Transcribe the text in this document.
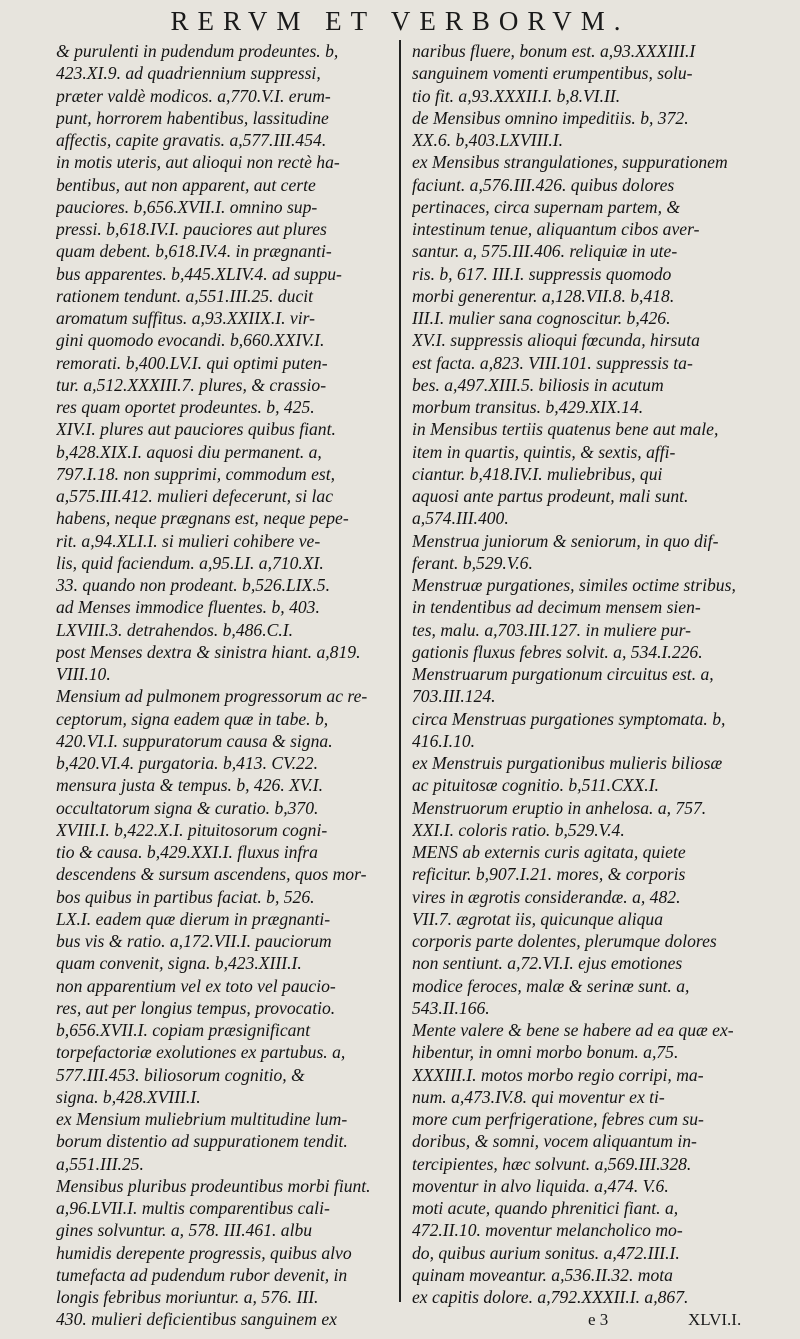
RERVM ET VERBORVM.
& purulenti in pudendum prodeuntes. b,
423.XI.9. ad quadriennium suppressi,
præter valdè modicos. a,770.V.I. erum-
punt, horrorem habentibus, lassitudine
affectis, capite gravatis. a,577.III.454.
in motis uteris, aut alioqui non rectè ha-
bentibus, aut non apparent, aut certe
pauciores. b,656.XVII.I. omnino sup-
pressi. b,618.IV.I. pauciores aut plures
quam debent. b,618.IV.4. in prægnanti-
bus apparentes. b,445.XLIV.4. ad suppu-
rationem tendunt. a,551.III.25. ducit
aromatum suffitus. a,93.XXIIX.I. vir-
gini quomodo evocandi. b,660.XXIV.I.
remorati. b,400.LV.I. qui optimi puten-
tur. a,512.XXXIII.7. plures, & crassio-
res quam oportet prodeuntes. b, 425.
XIV.I. plures aut pauciores quibus fiant.
b,428.XIX.I. aquosi diu permanent. a,
797.I.18. non supprimi, commodum est,
a,575.III.412. mulieri defecerunt, si lac
habens, neque prægnans est, neque pepe-
rit. a,94.XLI.I. si mulieri cohibere ve-
lis, quid faciendum. a,95.LI. a,710.XI.
33. quando non prodeant. b,526.LIX.5.
ad Menses immodice fluentes. b, 403.
LXVIII.3. detrahendos. b,486.C.I.
post Menses dextra & sinistra hiant. a,819.
VIII.10.
Mensium ad pulmonem progressorum ac re-
ceptorum, signa eadem quæ in tabe. b,
420.VI.I. suppuratorum causa & signa.
b,420.VI.4. purgatoria. b,413. CV.22.
mensura justa & tempus. b, 426. XV.I.
occultatorum signa & curatio. b,370.
XVIII.I. b,422.X.I. pituitosorum cogni-
tio & causa. b,429.XXI.I. fluxus infra
descendens & sursum ascendens, quos mor-
bos quibus in partibus faciat. b, 526.
LX.I. eadem quæ dierum in prægnanti-
bus vis & ratio. a,172.VII.I. pauciorum
quam convenit, signa. b,423.XIII.I.
non apparentium vel ex toto vel paucio-
res, aut per longius tempus, provocatio.
b,656.XVII.I. copiam præsignificant
torpefactoriæ exolutiones ex partubus. a,
577.III.453. biliosorum cognitio, &
signa. b,428.XVIII.I.
ex Mensium muliebrium multitudine lum-
borum distentio ad suppurationem tendit.
a,551.III.25.
Mensibus pluribus prodeuntibus morbi fiunt.
a,96.LVII.I. multis comparentibus cali-
gines solvuntur. a, 578. III.461. albu
humidis derepente progressis, quibus alvo
tumefacta ad pudendum rubor devenit, in
longis febribus moriuntur. a, 576. III.
430. mulieri deficientibus sanguinem ex
naribus fluere, bonum est. a,93.XXXIII.I
sanguinem vomenti erumpentibus, solu-
tio fit. a,93.XXXII.I. b,8.VI.II.
de Mensibus omnino impeditiis. b, 372.
XX.6. b,403.LXVIII.I.
ex Mensibus strangulationes, suppurationem
faciunt. a,576.III.426. quibus dolores
pertinaces, circa supernam partem, &
intestinum tenue, aliquantum cibos aver-
santur. a, 575.III.406. reliquiæ in ute-
ris. b, 617. III.I. suppressis quomodo
morbi generentur. a,128.VII.8. b,418.
III.I. mulier sana cognoscitur. b,426.
XV.I. suppressis alioqui fœcunda, hirsuta
est facta. a,823. VIII.101. suppressis ta-
bes. a,497.XIII.5. biliosis in acutum
morbum transitus. b,429.XIX.14.
in Mensibus tertiis quatenus bene aut male,
item in quartis, quintis, & sextis, affi-
ciantur. b,418.IV.I. muliebribus, qui
aquosi ante partus prodeunt, mali sunt.
a,574.III.400.
Menstrua juniorum & seniorum, in quo dif-
ferant. b,529.V.6.
Menstruæ purgationes, similes octime stribus,
in tendentibus ad decimum mensem sien-
tes, malu. a,703.III.127. in muliere pur-
gationis fluxus febres solvit. a, 534.I.226.
Menstruarum purgationum circuitus est. a,
703.III.124.
circa Menstruas purgationes symptomata. b,
416.I.10.
ex Menstruis purgationibus mulieris biliosæ
ac pituitosæ cognitio. b,511.CXX.I.
Menstruorum eruptio in anhelosa. a, 757.
XXI.I. coloris ratio. b,529.V.4.
MENS ab externis curis agitata, quiete
reficitur. b,907.I.21. mores, & corporis
vires in ægrotis considerandæ. a, 482.
VII.7. ægrotat iis, quicunque aliqua
corporis parte dolentes, plerumque dolores
non sentiunt. a,72.VI.I. ejus emotiones
modice feroces, malæ & serinæ sunt. a,
543.II.166.
Mente valere & bene se habere ad ea quæ ex-
hibentur, in omni morbo bonum. a,75.
XXXIII.I. motos morbo regio corripi, ma-
num. a,473.IV.8. qui moventur ex ti-
more cum perfrigeratione, febres cum su-
doribus, & somni, vocem aliquantum in-
tercipientes, hæc solvunt. a,569.III.328.
moventur in alvo liquida. a,474. V.6.
moti acute, quando phrenitici fiant. a,
472.II.10. moventur melancholico mo-
do, quibus aurium sonitus. a,472.III.I.
quinam moveantur. a,536.II.32. mota
ex capitis dolore. a,792.XXXII.I. a,867.
e 3	XLVI.I.
